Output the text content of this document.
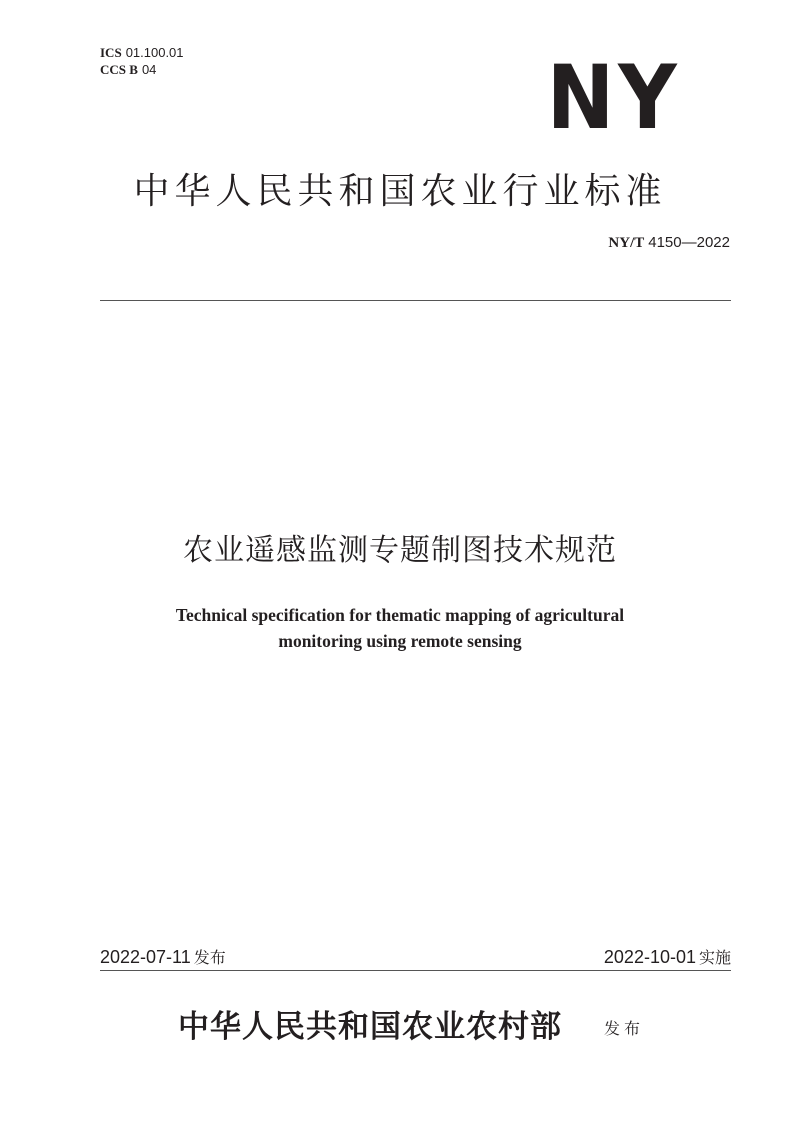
ICS 01.100.01
CCS B 04	NY
中华人民共和国农业行业标准
NY/T 4150—2022
农业遥感监测专题制图技术规范
Technical specification for thematic mapping of agricultural
monitoring using remote sensing
2022-07-11 发布	2022-10-01 实施
中华人民共和国农业农村部	发布
